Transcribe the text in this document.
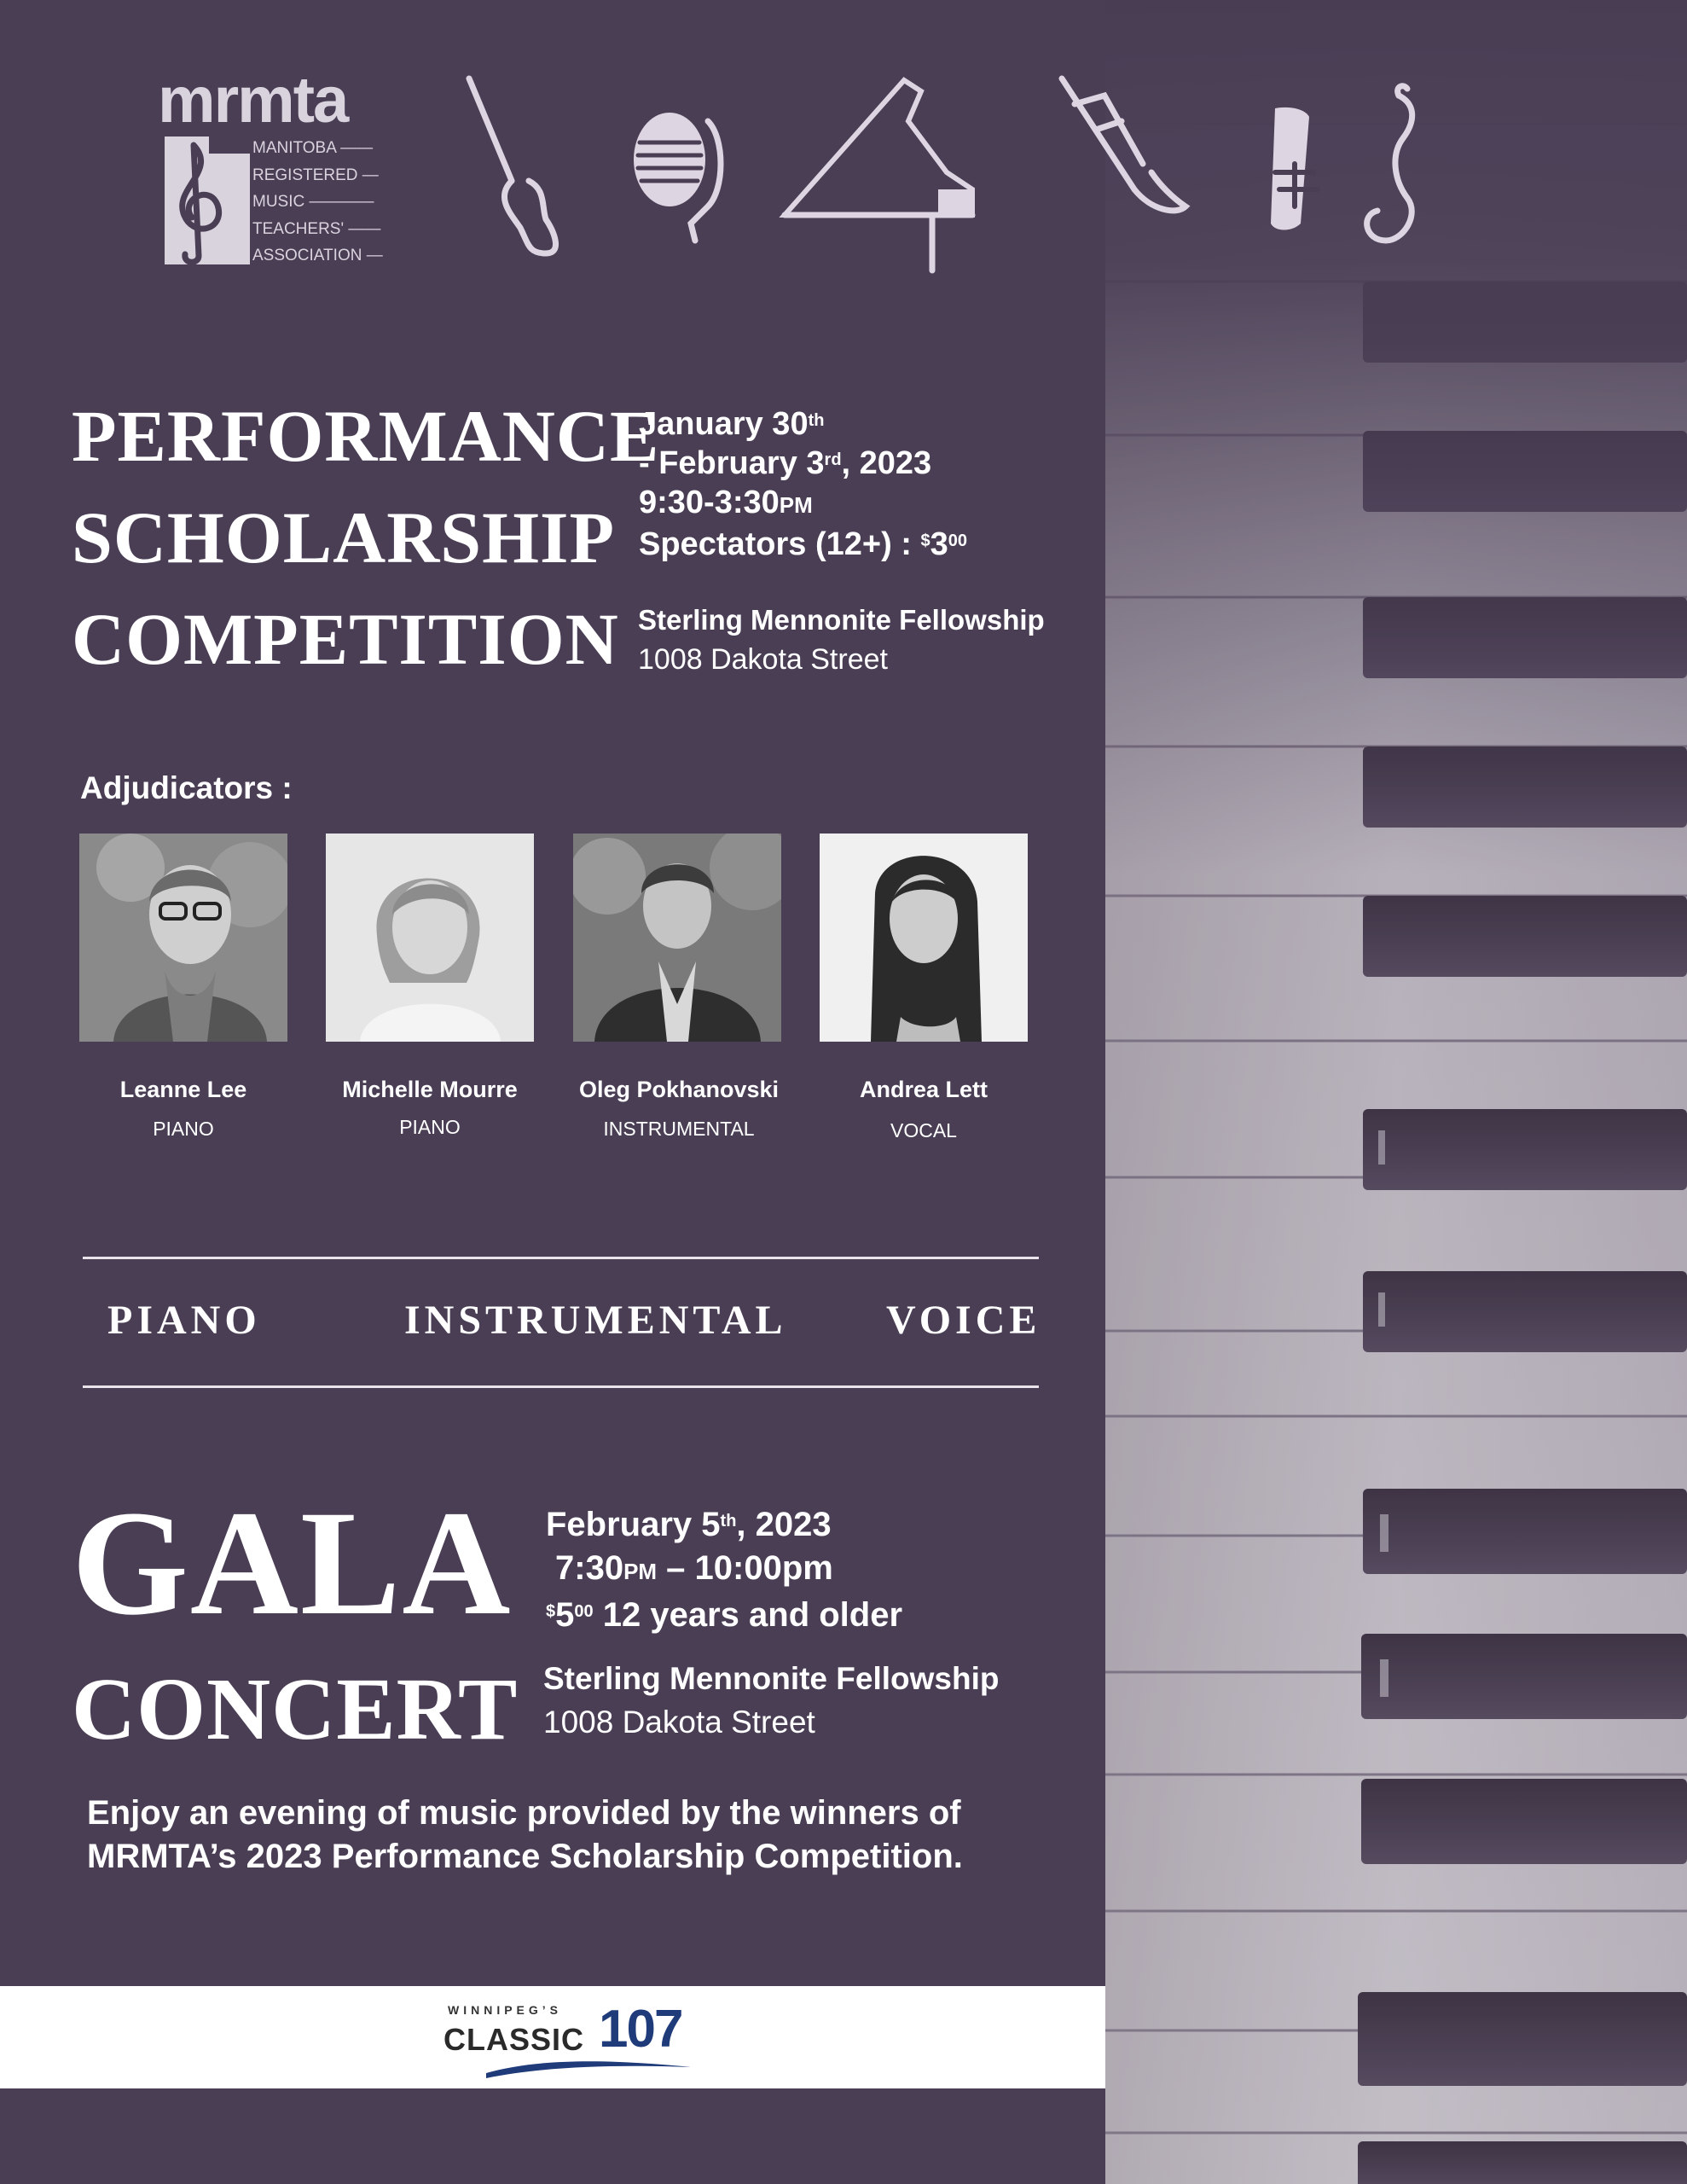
mrmta
MANITOBA ——
REGISTERED —
MUSIC ————
TEACHERS' ——
ASSOCIATION —
PERFORMANCE
SCHOLARSHIP
COMPETITION
January 30th
- February 3rd, 2023
9:30-3:30PM
Spectators (12+) : $^{\$}3^{00}$
Sterling Mennonite Fellowship
1008 Dakota Street
Adjudicators :
Leanne Lee
PIANO
Michelle Mourre
PIANO
Oleg Pokhanovski
INSTRUMENTAL
Andrea Lett
VOCAL
PIANO	INSTRUMENTAL VOICE
GALA
CONCERT
February 5th, 2023
7:30PM – 10:00pm
$^{\$}5^{00}$ 12 years and older
Sterling Mennonite Fellowship
1008 Dakota Street
Enjoy an evening of music provided by the winners of
MRMTA’s 2023 Performance Scholarship Competition.
WINNIPEG’S
CLASSIC 107
